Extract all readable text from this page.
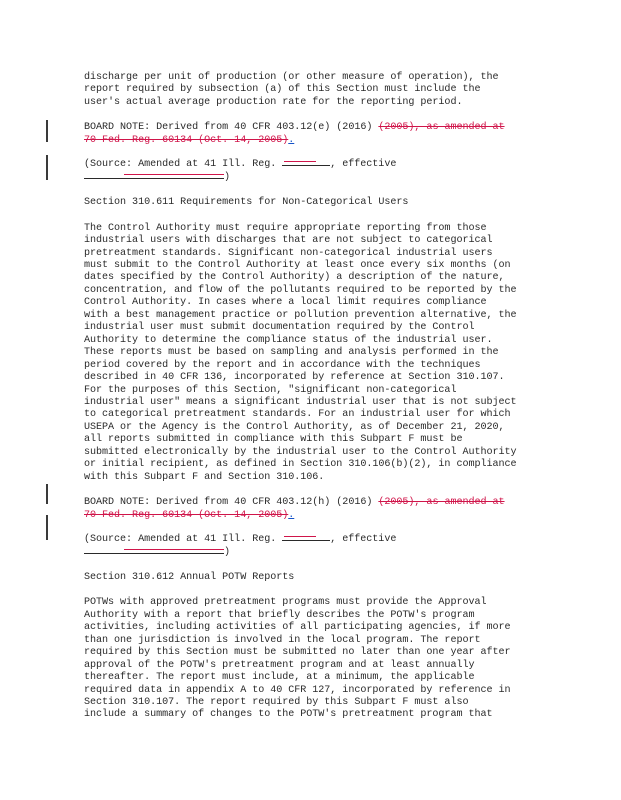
discharge per unit of production (or other measure of operation), the
report required by subsection (a) of this Section must include the
user's actual average production rate for the reporting period.

BOARD NOTE: Derived from 40 CFR 403.12(e) (2016) (2005), as amended at
70 Fed. Reg. 60134 (Oct. 14, 2005).

(Source: Amended at 41 Ill. Reg.	, effective

)

Section 310.611 Requirements for Non-Categorical Users

The Control Authority must require appropriate reporting from those
industrial users with discharges that are not subject to categorical
pretreatment standards. Significant non-categorical industrial users
must submit to the Control Authority at least once every six months (on
dates specified by the Control Authority) a description of the nature,
concentration, and flow of the pollutants required to be reported by the
Control Authority. In cases where a local limit requires compliance
with a best management practice or pollution prevention alternative, the
industrial user must submit documentation required by the Control
Authority to determine the compliance status of the industrial user.
These reports must be based on sampling and analysis performed in the
period covered by the report and in accordance with the techniques
described in 40 CFR 136, incorporated by reference at Section 310.107.
For the purposes of this Section, "significant non-categorical
industrial user" means a significant industrial user that is not subject
to categorical pretreatment standards. For an industrial user for which
USEPA or the Agency is the Control Authority, as of December 21, 2020,
all reports submitted in compliance with this Subpart F must be
submitted electronically by the industrial user to the Control Authority
or initial recipient, as defined in Section 310.106(b)(2), in compliance
with this Subpart F and Section 310.106.

BOARD NOTE: Derived from 40 CFR 403.12(h) (2016) (2005), as amended at
70 Fed. Reg. 60134 (Oct. 14, 2005).

(Source: Amended at 41 Ill. Reg.	, effective

)

Section 310.612 Annual POTW Reports

POTWs with approved pretreatment programs must provide the Approval
Authority with a report that briefly describes the POTW's program
activities, including activities of all participating agencies, if more
than one jurisdiction is involved in the local program. The report
required by this Section must be submitted no later than one year after
approval of the POTW's pretreatment program and at least annually
thereafter. The report must include, at a minimum, the applicable
required data in appendix A to 40 CFR 127, incorporated by reference in
Section 310.107. The report required by this Subpart F must also
include a summary of changes to the POTW's pretreatment program that
